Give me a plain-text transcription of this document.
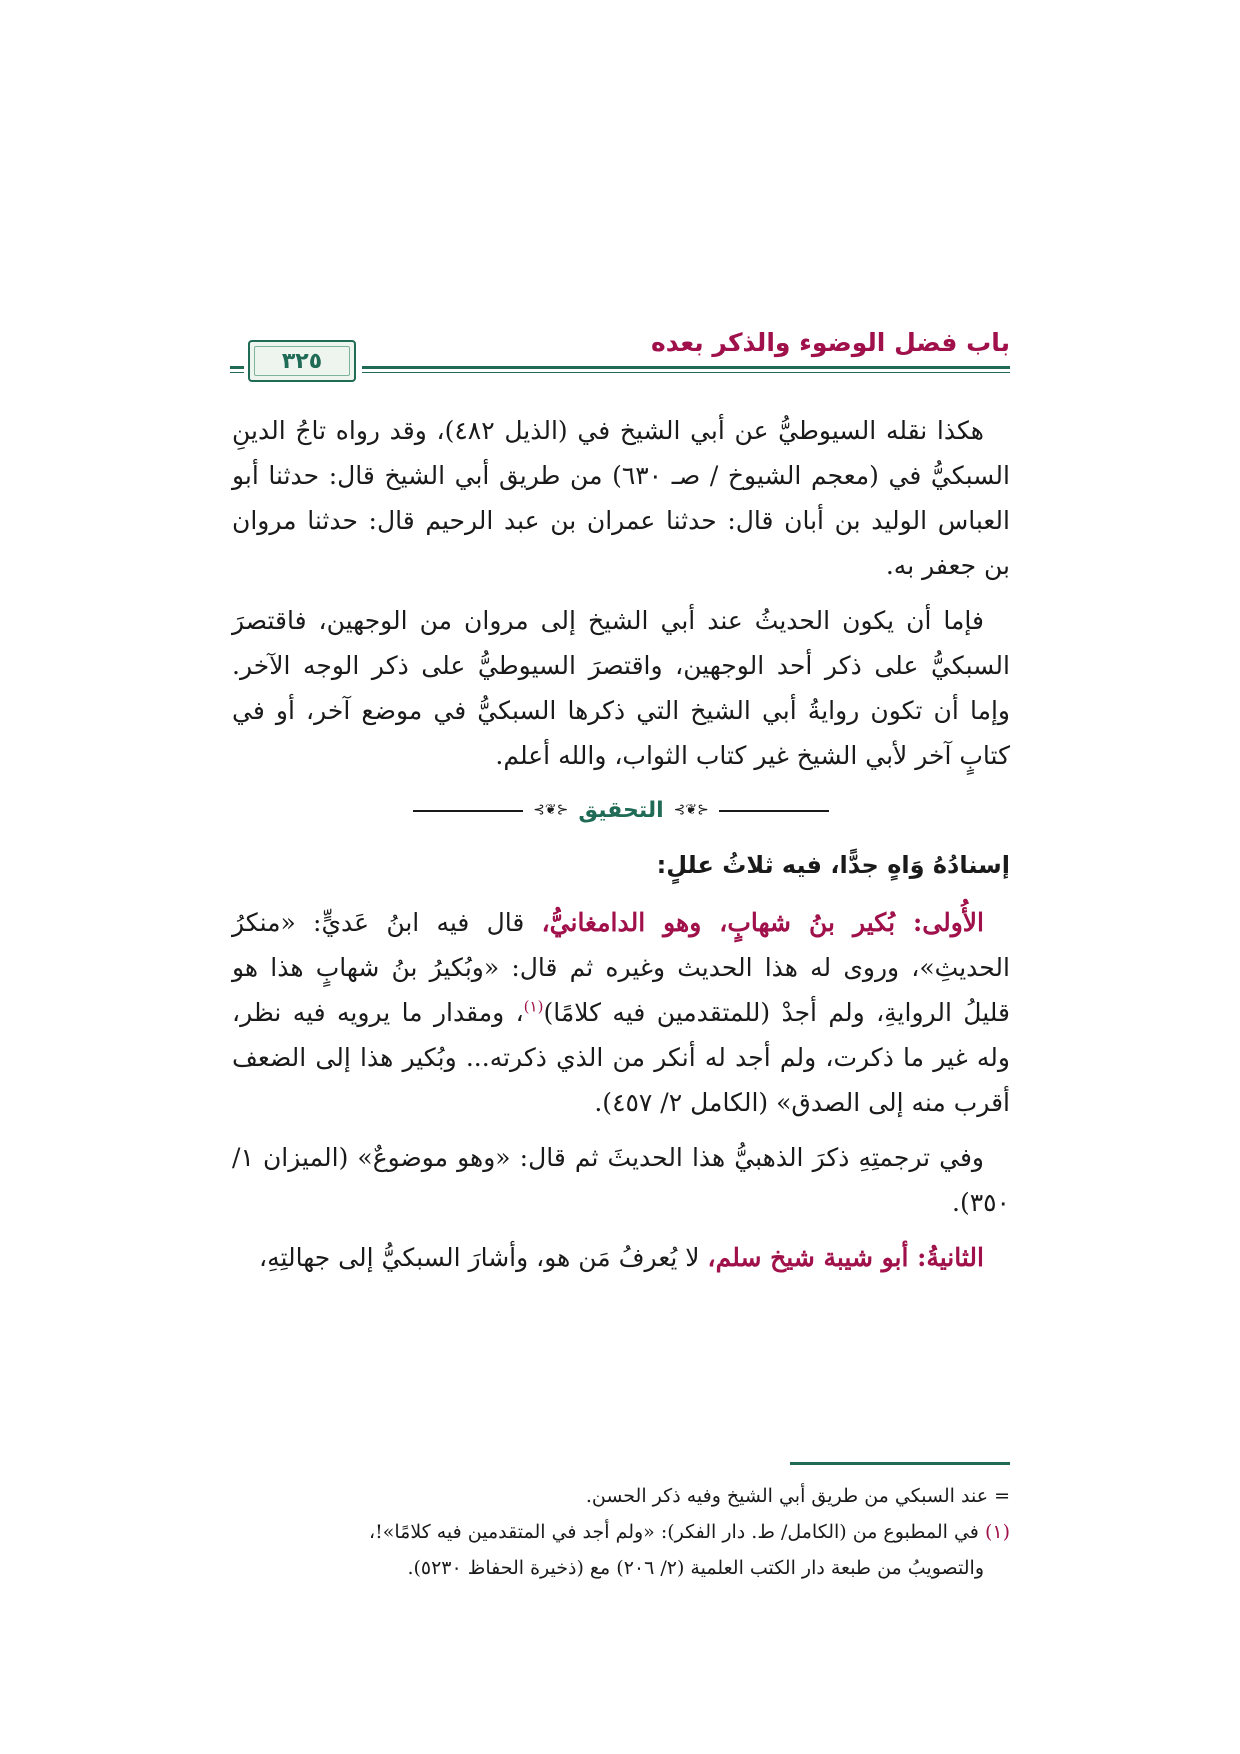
باب فضل الوضوء والذكر بعده
٣٢٥

هكذا نقله السيوطيُّ عن أبي الشيخ في (الذيل ٤٨٢)، وقد رواه تاجُ الدينِ السبكيُّ في (معجم الشيوخ / صـ ٦٣٠) من طريق أبي الشيخ قال: حدثنا أبو العباس الوليد بن أبان قال: حدثنا عمران بن عبد الرحيم قال: حدثنا مروان بن جعفر به.

فإما أن يكون الحديثُ عند أبي الشيخ إلى مروان من الوجهين، فاقتصرَ السبكيُّ على ذكر أحد الوجهين، واقتصرَ السيوطيُّ على ذكر الوجه الآخر. وإما أن تكون روايةُ أبي الشيخ التي ذكرها السبكيُّ في موضع آخر، أو في كتابٍ آخر لأبي الشيخ غير كتاب الثواب، والله أعلم.

⊰❦⊱
التحقيق
⊰❦⊱

إسنادُهُ وَاهٍ جدًّا، فيه ثلاثُ عللٍ:

الأُولى: بُكير بنُ شهابٍ، وهو الدامغانيُّ، قال فيه ابنُ عَديٍّ: «منكرُ الحديثِ»، وروى له هذا الحديث وغيره ثم قال: «وبُكيرُ بنُ شهابٍ هذا هو قليلُ الروايةِ، ولم أجدْ (للمتقدمين فيه كلامًا)$^{(١)}$، ومقدار ما يرويه فيه نظر، وله غير ما ذكرت، ولم أجد له أنكر من الذي ذكرته... وبُكير هذا إلى الضعف أقرب منه إلى الصدق» (الكامل ٢/ ٤٥٧).

وفي ترجمتِهِ ذكرَ الذهبيُّ هذا الحديثَ ثم قال: «وهو موضوعٌ» (الميزان ١/ ٣٥٠).

الثانيةُ: أبو شيبة شيخ سلم، لا يُعرفُ مَن هو، وأشارَ السبكيُّ إلى جهالتِهِ،

= عند السبكي من طريق أبي الشيخ وفيه ذكر الحسن.

(١) في المطبوع من (الكامل/ ط. دار الفكر): «ولم أجد في المتقدمين فيه كلامًا»!،

والتصويبُ من طبعة دار الكتب العلمية (٢/ ٢٠٦) مع (ذخيرة الحفاظ ٥٢٣٠).
